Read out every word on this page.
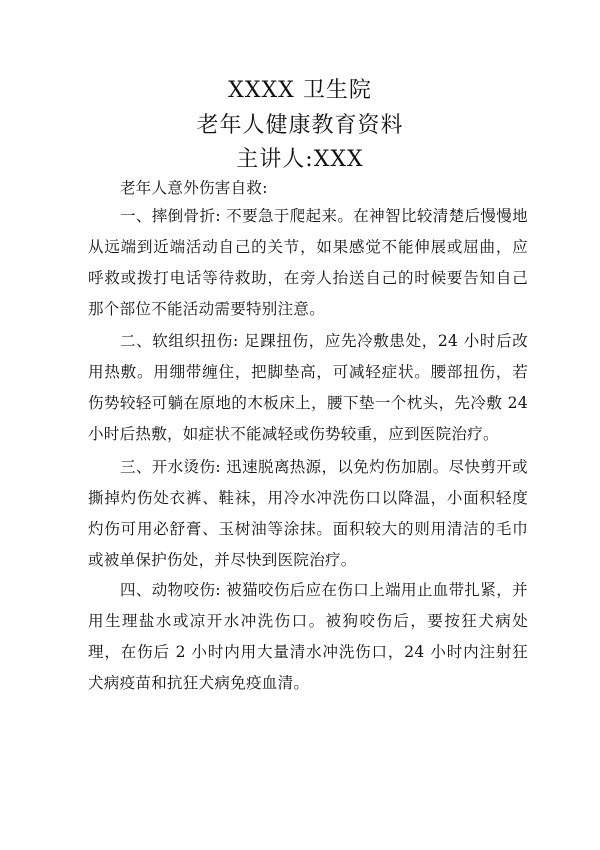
XXXX 卫生院
老年人健康教育资料
主讲人:XXX
老年人意外伤害自救:
一、摔倒骨折: 不要急于爬起来。在神智比较清楚后慢慢地从远端到近端活动自己的关节，如果感觉不能伸展或屈曲，应呼救或拨打电话等待救助，在旁人抬送自己的时候要告知自己那个部位不能活动需要特别注意。
二、软组织扭伤: 足踝扭伤，应先冷敷患处，24 小时后改用热敷。用绷带缠住，把脚垫高，可减轻症状。腰部扭伤，若伤势较轻可躺在原地的木板床上，腰下垫一个枕头，先冷敷 24 小时后热敷，如症状不能减轻或伤势较重，应到医院治疗。
三、开水烫伤: 迅速脱离热源，以免灼伤加剧。尽快剪开或撕掉灼伤处衣裤、鞋袜，用冷水冲洗伤口以降温，小面积轻度灼伤可用必舒膏、玉树油等涂抹。面积较大的则用清洁的毛巾或被单保护伤处，并尽快到医院治疗。
四、动物咬伤: 被猫咬伤后应在伤口上端用止血带扎紧，并用生理盐水或凉开水冲洗伤口。被狗咬伤后，要按狂犬病处理，在伤后 2 小时内用大量清水冲洗伤口，24 小时内注射狂犬病疫苗和抗狂犬病免疫血清。
